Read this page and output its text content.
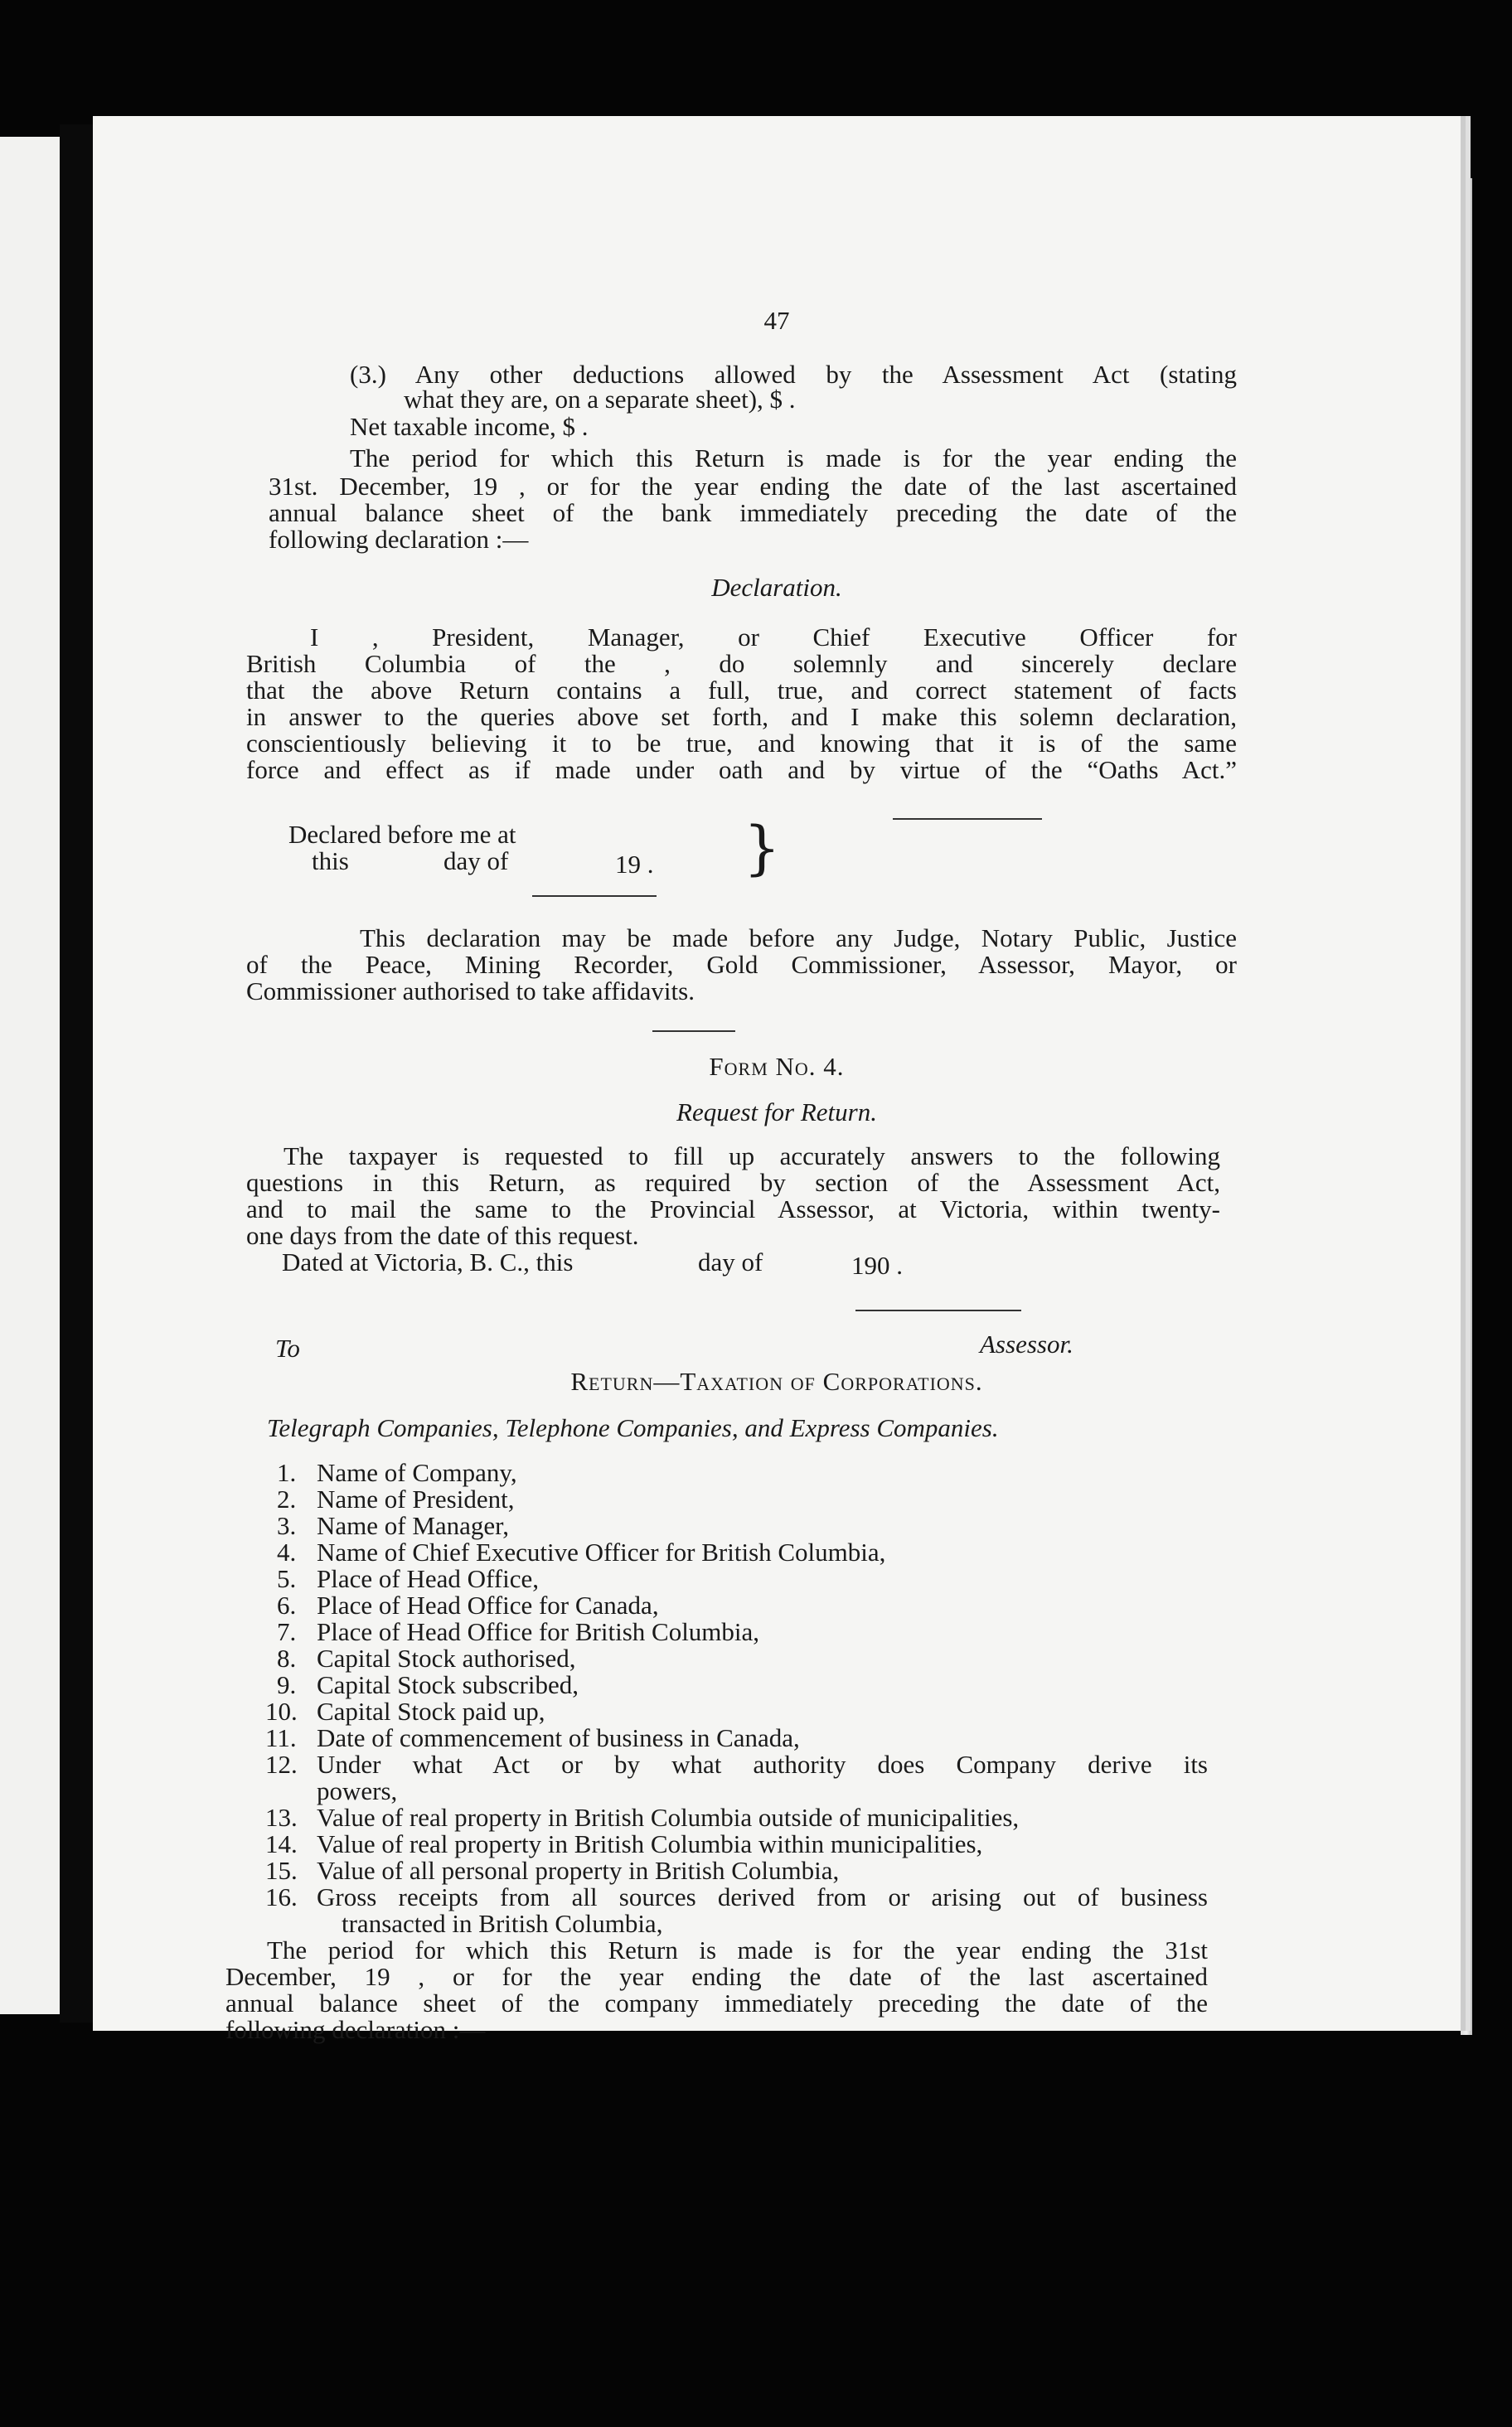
47
(3.) Any other deductions allowed by the Assessment Act (stating
what they are, on a separate sheet), $ .
Net taxable income, $ .
The period for which this Return is made is for the year ending the
31st. December, 19 , or for the year ending the date of the last ascertained
annual balance sheet of the bank immediately preceding the date of the
following declaration :—
Declaration.
I , President, Manager, or Chief Executive Officer for
British Columbia of the , do solemnly and sincerely declare
that the above Return contains a full, true, and correct statement of facts
in answer to the queries above set forth, and I make this solemn declaration,
conscientiously believing it to be true, and knowing that it is of the same
force and effect as if made under oath and by virtue of the “Oaths Act.”
Declared before me at
this	day of	19 . }
This declaration may be made before any Judge, Notary Public, Justice
of the Peace, Mining Recorder, Gold Commissioner, Assessor, Mayor, or
Commissioner authorised to take affidavits.
Form No. 4.
Request for Return.
The taxpayer is requested to fill up accurately answers to the following
questions in this Return, as required by section of the Assessment Act,
and to mail the same to the Provincial Assessor, at Victoria, within twenty-
one days from the date of this request.
Dated at Victoria, B. C., this	day of	190 .
To	Assessor.
Return—Taxation of Corporations.
Telegraph Companies, Telephone Companies, and Express Companies.
1. Name of Company,
2. Name of President,
3. Name of Manager,
4. Name of Chief Executive Officer for British Columbia,
5. Place of Head Office,
6. Place of Head Office for Canada,
7. Place of Head Office for British Columbia,
8. Capital Stock authorised,
9. Capital Stock subscribed,
10. Capital Stock paid up,
11. Date of commencement of business in Canada,
12. Under what Act or by what authority does Company derive its
powers,
13. Value of real property in British Columbia outside of municipalities,
14. Value of real property in British Columbia within municipalities,
15. Value of all personal property in British Columbia,
16. Gross receipts from all sources derived from or arising out of business
transacted in British Columbia,
The period for which this Return is made is for the year ending the 31st
December, 19 , or for the year ending the date of the last ascertained
annual balance sheet of the company immediately preceding the date of the
following declaration :—
